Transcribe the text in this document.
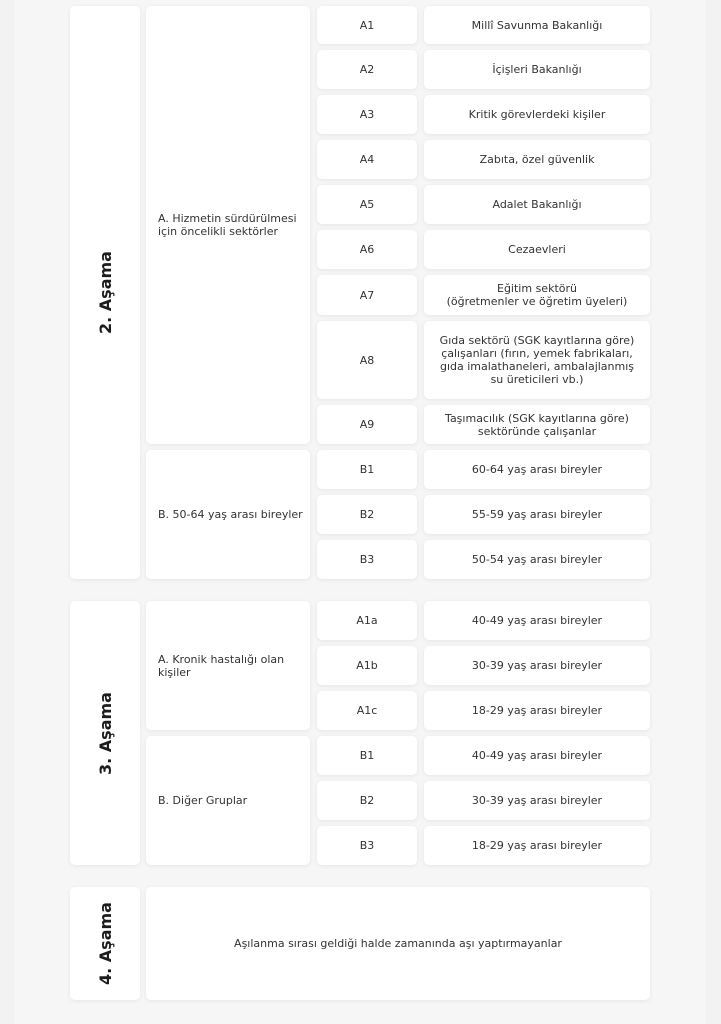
2. Aşama
A. Hizmetin sürdürülmesi için öncelikli sektörler
B. 50-64 yaş arası bireyler
A1	Millî Savunma Bakanlığı
A2	İçişleri Bakanlığı
A3	Kritik görevlerdeki kişiler
A4	Zabıta, özel güvenlik
A5	Adalet Bakanlığı
A6	Cezaevleri
A7	Eğitim sektörü
(öğretmenler ve öğretim üyeleri)
A8
Gıda sektörü (SGK kayıtlarına göre)
çalışanları (fırın, yemek fabrikaları,
gıda imalathaneleri, ambalajlanmış
su üreticileri vb.)
A9	Taşımacılık (SGK kayıtlarına göre)
sektöründe çalışanlar
B1	60-64 yaş arası bireyler
B2	55-59 yaş arası bireyler
B3	50-54 yaş arası bireyler
3. Aşama
A. Kronik hastalığı olan kişiler
B. Diğer Gruplar
A1a	40-49 yaş arası bireyler
A1b	30-39 yaş arası bireyler
A1c	18-29 yaş arası bireyler
B1	40-49 yaş arası bireyler
B2	30-39 yaş arası bireyler
B3	18-29 yaş arası bireyler
4. Aşama	Aşılanma sırası geldiği halde zamanında aşı yaptırmayanlar
